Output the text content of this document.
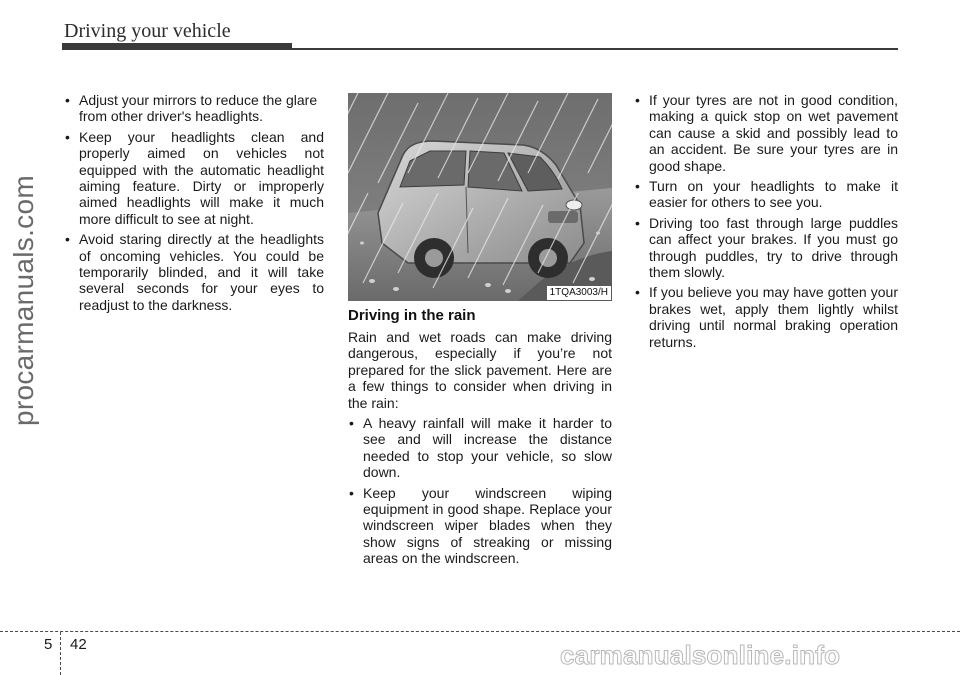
Driving your vehicle
procarmanuals.com
• Adjust your mirrors to reduce the glare from other driver's headlights.
• Keep your headlights clean and properly aimed on vehicles not equipped with the automatic headlight aiming feature. Dirty or improperly aimed headlights will make it much more difficult to see at night.
• Avoid staring directly at the headlights of oncoming vehicles. You could be temporarily blinded, and it will take several seconds for your eyes to readjust to the darkness.
1TQA3003/H
Driving in the rain

Rain and wet roads can make driving dangerous, especially if you’re not prepared for the slick pavement. Here are a few things to consider when driving in the rain:

• A heavy rainfall will make it harder to see and will increase the distance needed to stop your vehicle, so slow down.
• Keep your windscreen wiping equipment in good shape. Replace your windscreen wiper blades when they show signs of streaking or missing areas on the windscreen.
• If your tyres are not in good condition, making a quick stop on wet pavement can cause a skid and possibly lead to an accident. Be sure your tyres are in good shape.
• Turn on your headlights to make it easier for others to see you.
• Driving too fast through large puddles can affect your brakes. If you must go through puddles, try to drive through them slowly.
• If you believe you may have gotten your brakes wet, apply them lightly whilst driving until normal braking operation returns.
5 42	carmanualsonline.info
